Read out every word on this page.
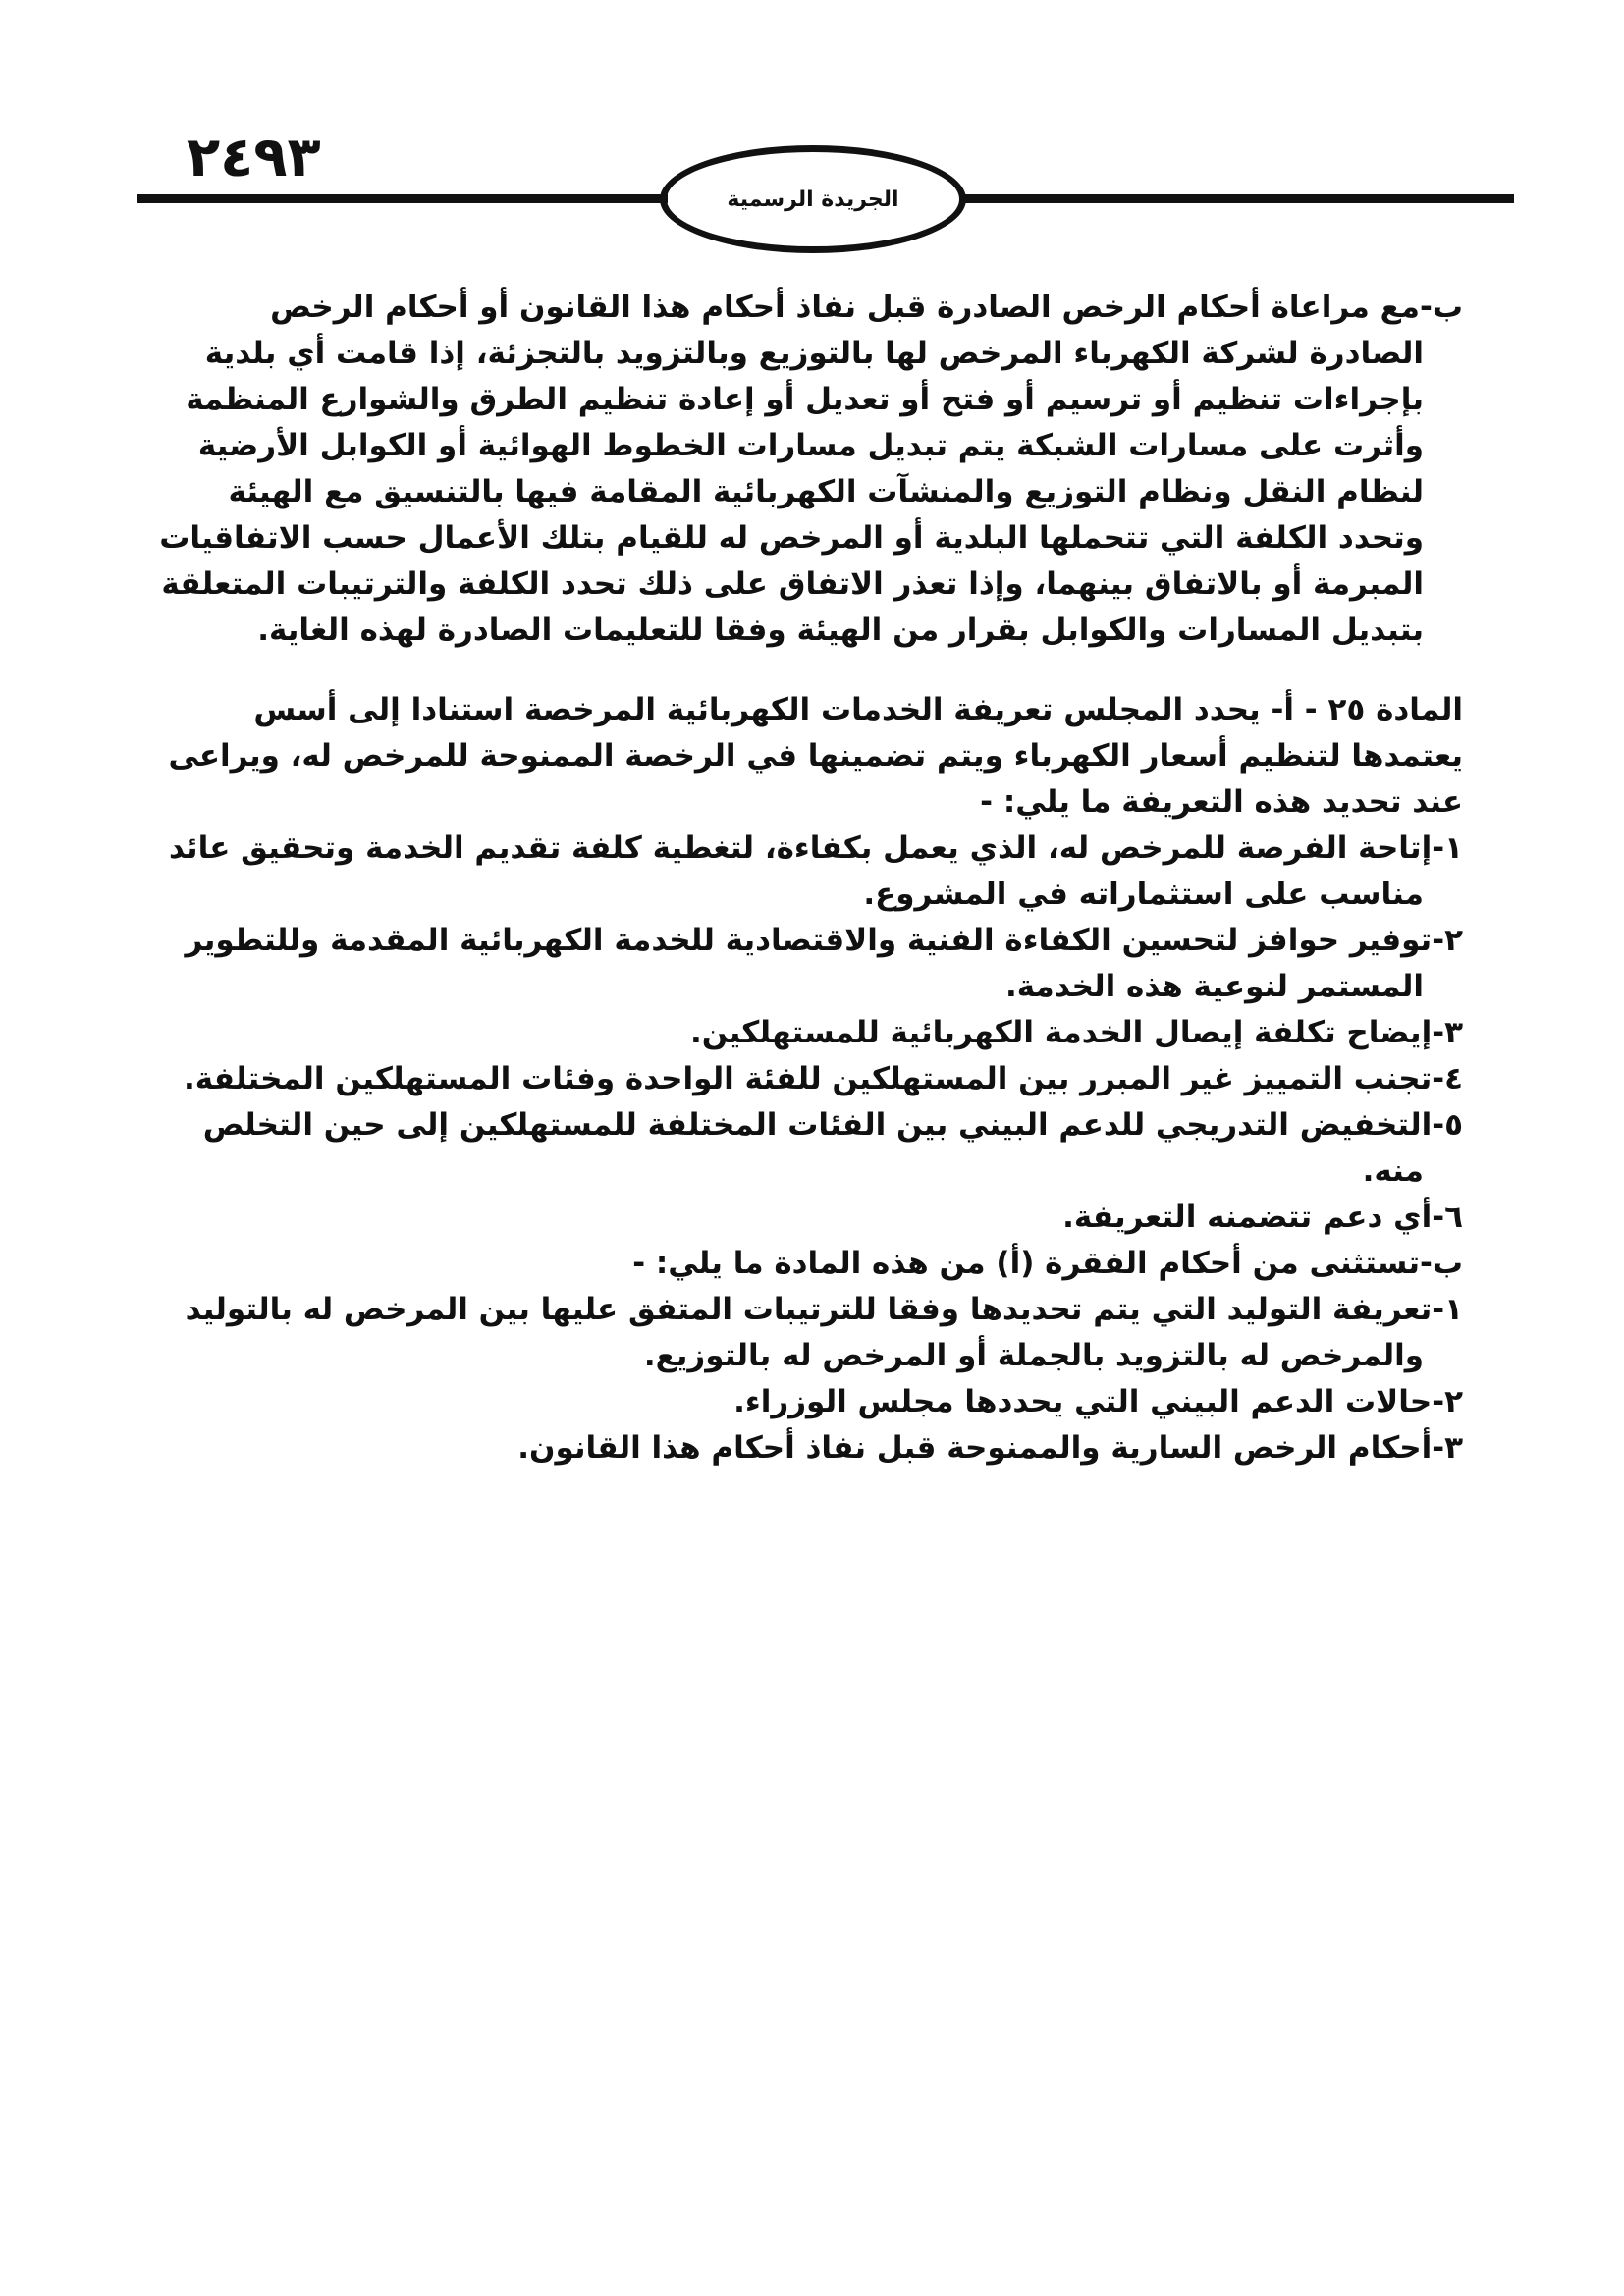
٢٤٩٣
الجريدة الرسمية

ب-مع مراعاة أحكام الرخص الصادرة قبل نفاذ أحكام هذا القانون أو أحكام الرخص الصادرة لشركة الكهرباء المرخص لها بالتوزيع وبالتزويد بالتجزئة، إذا قامت أي بلدية بإجراءات تنظيم أو ترسيم أو فتح أو تعديل أو إعادة تنظيم الطرق والشوارع المنظمة وأثرت على مسارات الشبكة يتم تبديل مسارات الخطوط الهوائية أو الكوابل الأرضية لنظام النقل ونظام التوزيع والمنشآت الكهربائية المقامة فيها بالتنسيق مع الهيئة وتحدد الكلفة التي تتحملها البلدية أو المرخص له للقيام بتلك الأعمال حسب الاتفاقيات المبرمة أو بالاتفاق بينهما، وإذا تعذر الاتفاق على ذلك تحدد الكلفة والترتيبات المتعلقة بتبديل المسارات والكوابل بقرار من الهيئة وفقا للتعليمات الصادرة لهذه الغاية.

المادة ٢٥ - أ- يحدد المجلس تعريفة الخدمات الكهربائية المرخصة استنادا إلى أسس يعتمدها لتنظيم أسعار الكهرباء ويتم تضمينها في الرخصة الممنوحة للمرخص له، ويراعى عند تحديد هذه التعريفة ما يلي: -

١-إتاحة الفرصة للمرخص له، الذي يعمل بكفاءة، لتغطية كلفة تقديم الخدمة وتحقيق عائد مناسب على استثماراته في المشروع.

٢-توفير حوافز لتحسين الكفاءة الفنية والاقتصادية للخدمة الكهربائية المقدمة وللتطوير المستمر لنوعية هذه الخدمة.

٣-إيضاح تكلفة إيصال الخدمة الكهربائية للمستهلكين.

٤-تجنب التمييز غير المبرر بين المستهلكين للفئة الواحدة وفئات المستهلكين المختلفة.

٥-التخفيض التدريجي للدعم البيني بين الفئات المختلفة للمستهلكين إلى حين التخلص منه.

٦-أي دعم تتضمنه التعريفة.

ب-تستثنى من أحكام الفقرة (أ) من هذه المادة ما يلي: -

١-تعريفة التوليد التي يتم تحديدها وفقا للترتيبات المتفق عليها بين المرخص له بالتوليد والمرخص له بالتزويد بالجملة أو المرخص له بالتوزيع.

٢-حالات الدعم البيني التي يحددها مجلس الوزراء.

٣-أحكام الرخص السارية والممنوحة قبل نفاذ أحكام هذا القانون.
